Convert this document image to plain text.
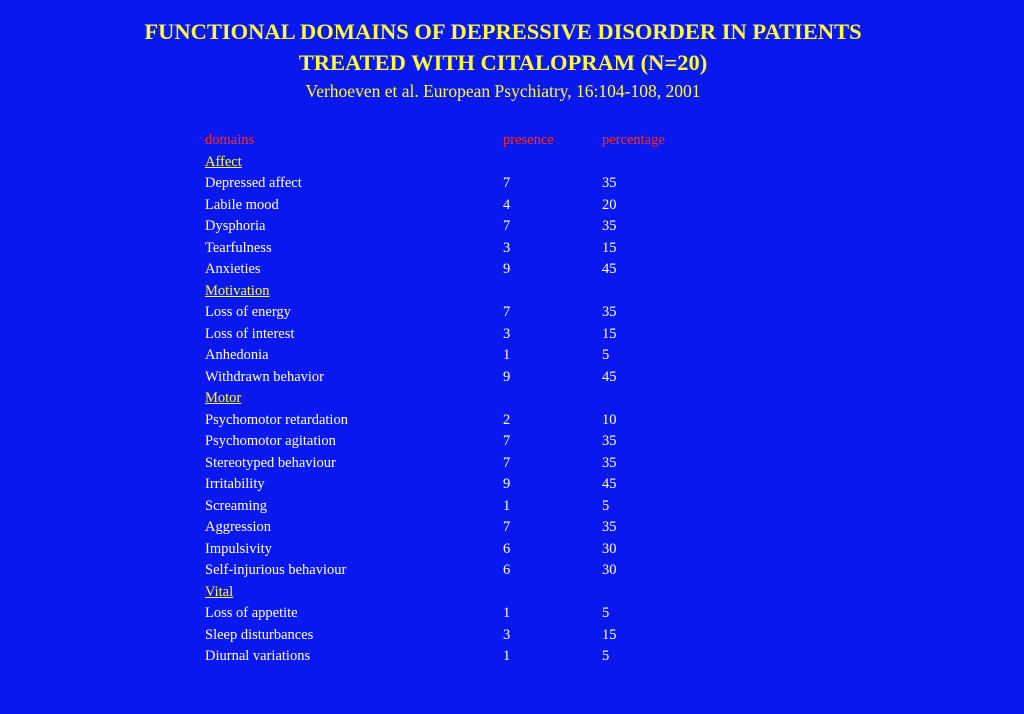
FUNCTIONAL DOMAINS OF DEPRESSIVE DISORDER IN PATIENTS
TREATED WITH CITALOPRAM (N=20)
Verhoeven et al. European Psychiatry, 16:104-108, 2001
domains	presence	percentage
Affect
Depressed affect	7	35
Labile mood	4	20
Dysphoria	7	35
Tearfulness	3	15
Anxieties	9	45
Motivation
Loss of energy	7	35
Loss of interest	3	15
Anhedonia	1	5
Withdrawn behavior	9	45
Motor
Psychomotor retardation	2	10
Psychomotor agitation	7	35
Stereotyped behaviour	7	35
Irritability	9	45
Screaming	1	5
Aggression	7	35
Impulsivity	6	30
Self-injurious behaviour	6	30
Vital
Loss of appetite	1	5
Sleep disturbances	3	15
Diurnal variations	1	5
